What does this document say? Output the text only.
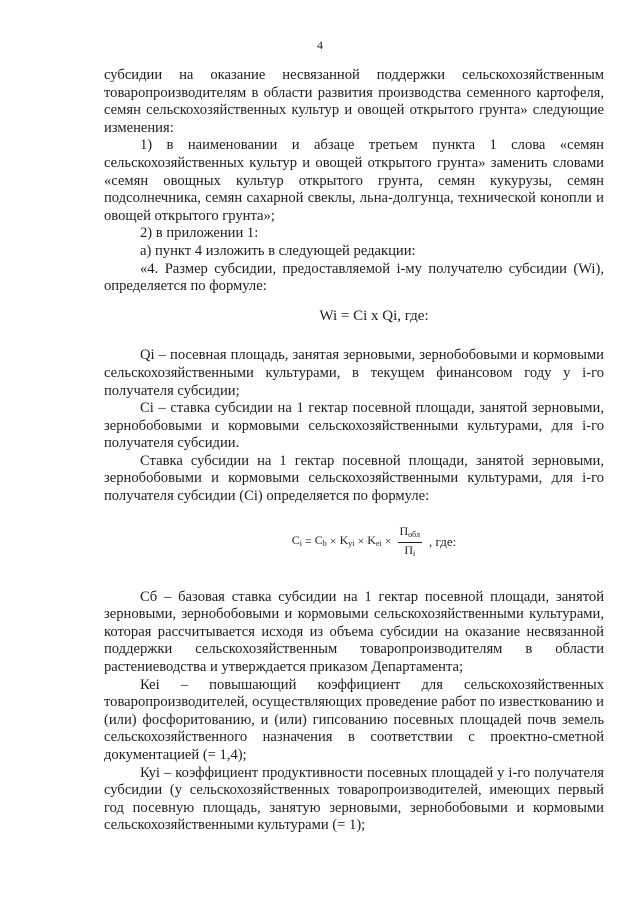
4

субсидии на оказание несвязанной поддержки сельскохозяйственным товаропроизводителям в области развития производства семенного картофеля, семян сельскохозяйственных культур и овощей открытого грунта» следующие изменения:

1) в наименовании и абзаце третьем пункта 1 слова «семян сельскохозяйственных культур и овощей открытого грунта» заменить словами «семян овощных культур открытого грунта, семян кукурузы, семян подсолнечника, семян сахарной свеклы, льна-долгунца, технической конопли и овощей открытого грунта»;

2) в приложении 1:

а) пункт 4 изложить в следующей редакции:

«4. Размер субсидии, предоставляемой i-му получателю субсидии (Wi), определяется по формуле:

Wi = Ci x Qi, где:

Qi – посевная площадь, занятая зерновыми, зернобобовыми и кормовыми сельскохозяйственными культурами, в текущем финансовом году у i-го получателя субсидии;

Ci – ставка субсидии на 1 гектар посевной площади, занятой зерновыми, зернобобовыми и кормовыми сельскохозяйственными культурами, для i-го получателя субсидии.

Ставка субсидии на 1 гектар посевной площади, занятой зерновыми, зернобобовыми и кормовыми сельскохозяйственными культурами, для i-го получателя субсидии (Ci) определяется по формуле:

$C_i = C_b \times K_{yi} \times K_{ei} \times \frac{П_{обл}}{П_i}$ , где:

Cб – базовая ставка субсидии на 1 гектар посевной площади, занятой зерновыми, зернобобовыми и кормовыми сельскохозяйственными культурами, которая рассчитывается исходя из объема субсидии на оказание несвязанной поддержки сельскохозяйственным товаропроизводителям в области растениеводства и утверждается приказом Департамента;

Кеi – повышающий коэффициент для сельскохозяйственных товаропроизводителей, осуществляющих проведение работ по известкованию и (или) фосфоритованию, и (или) гипсованию посевных площадей почв земель сельскохозяйственного назначения в соответствии с проектно-сметной документацией (= 1,4);

Куi – коэффициент продуктивности посевных площадей у i-го получателя субсидии (у сельскохозяйственных товаропроизводителей, имеющих первый год посевную площадь, занятую зерновыми, зернобобовыми и кормовыми сельскохозяйственными культурами (= 1);
